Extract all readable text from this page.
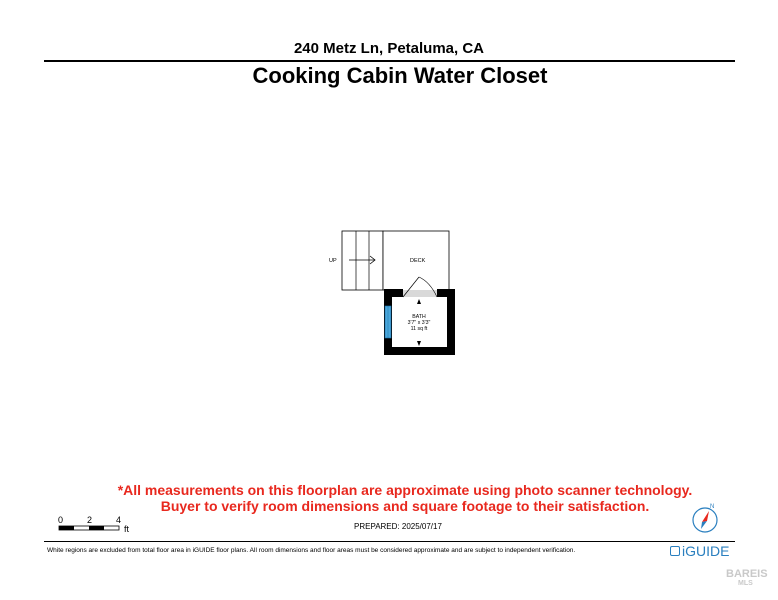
240 Metz Ln, Petaluma, CA
Cooking Cabin Water Closet
UP	DECK
BATH
3'7" x 3'3"
11 sq ft
*All measurements on this floorplan are approximate using photo scanner technology.
Buyer to verify room dimensions and square footage to their satisfaction.
0	2	4
ft	PREPARED: 2025/07/17
N
White regions are excluded from total floor area in iGUIDE floor plans. All room dimensions and floor areas must be considered approximate and are subject to independent verification.	iGUIDE
BAREIS
MLS
